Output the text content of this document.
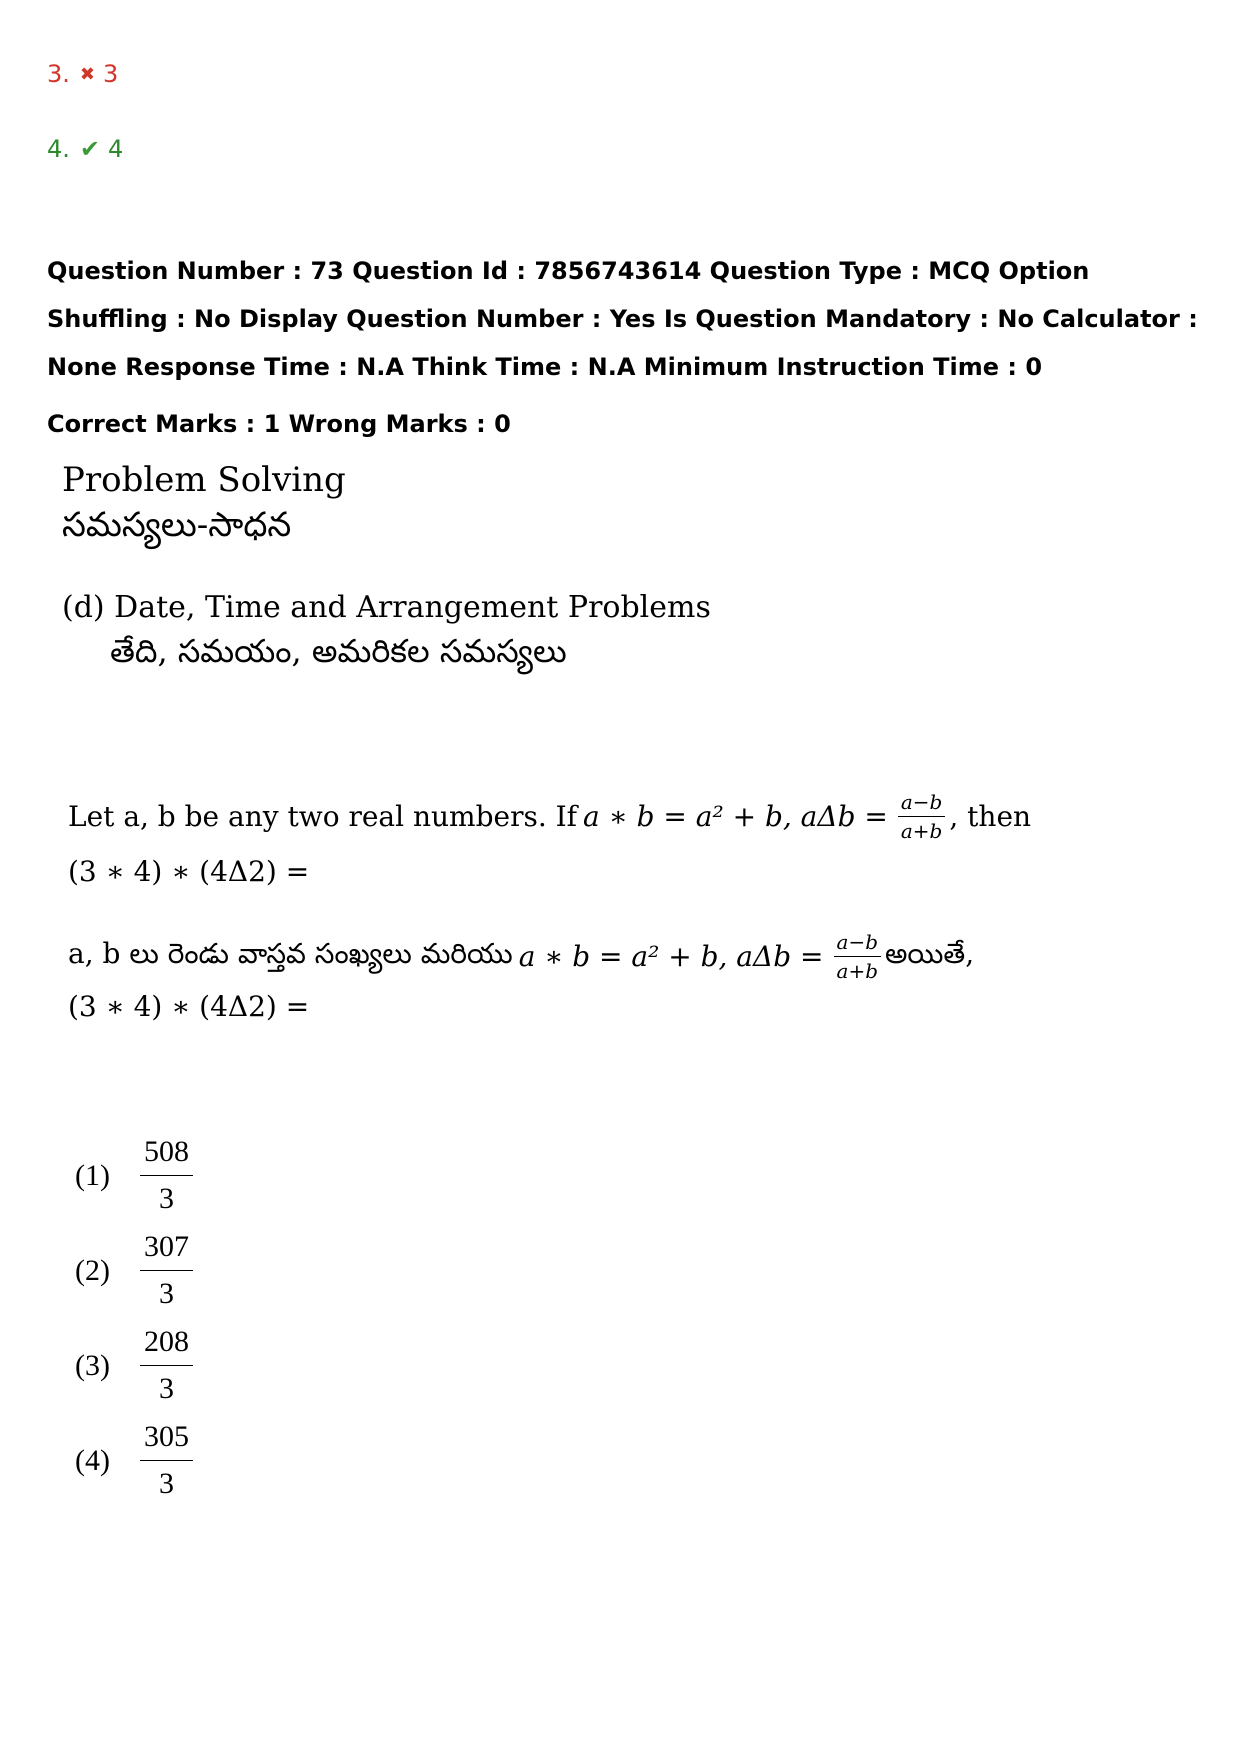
3. ✖ 3
4. ✔ 4
Question Number : 73 Question Id : 7856743614 Question Type : MCQ Option Shuffling : No Display Question Number : Yes Is Question Mandatory : No Calculator : None Response Time : N.A Think Time : N.A Minimum Instruction Time : 0
Correct Marks : 1 Wrong Marks : 0
Problem Solving
సమస్యలు-సాధన
(d) Date, Time and Arrangement Problems
తేది, సమయం, అమరికల సమస్యలు
Let a, b be any two real numbers. If a ∗ b = a² + b, $a\Delta b = \frac{a-b}{a+b}$ , then
(3 ∗ 4) ∗ (4Δ2) =
a, b లు రెండు వాస్తవ సంఖ్యలు మరియు a ∗ b = a² + b, $a\Delta b = \frac{a-b}{a+b}$ అయితే,
(3 ∗ 4) ∗ (4Δ2) =
(1)	$\frac{508}{3}$
(2)	$\frac{307}{3}$
(3)	$\frac{208}{3}$
(4)	$\frac{305}{3}$
